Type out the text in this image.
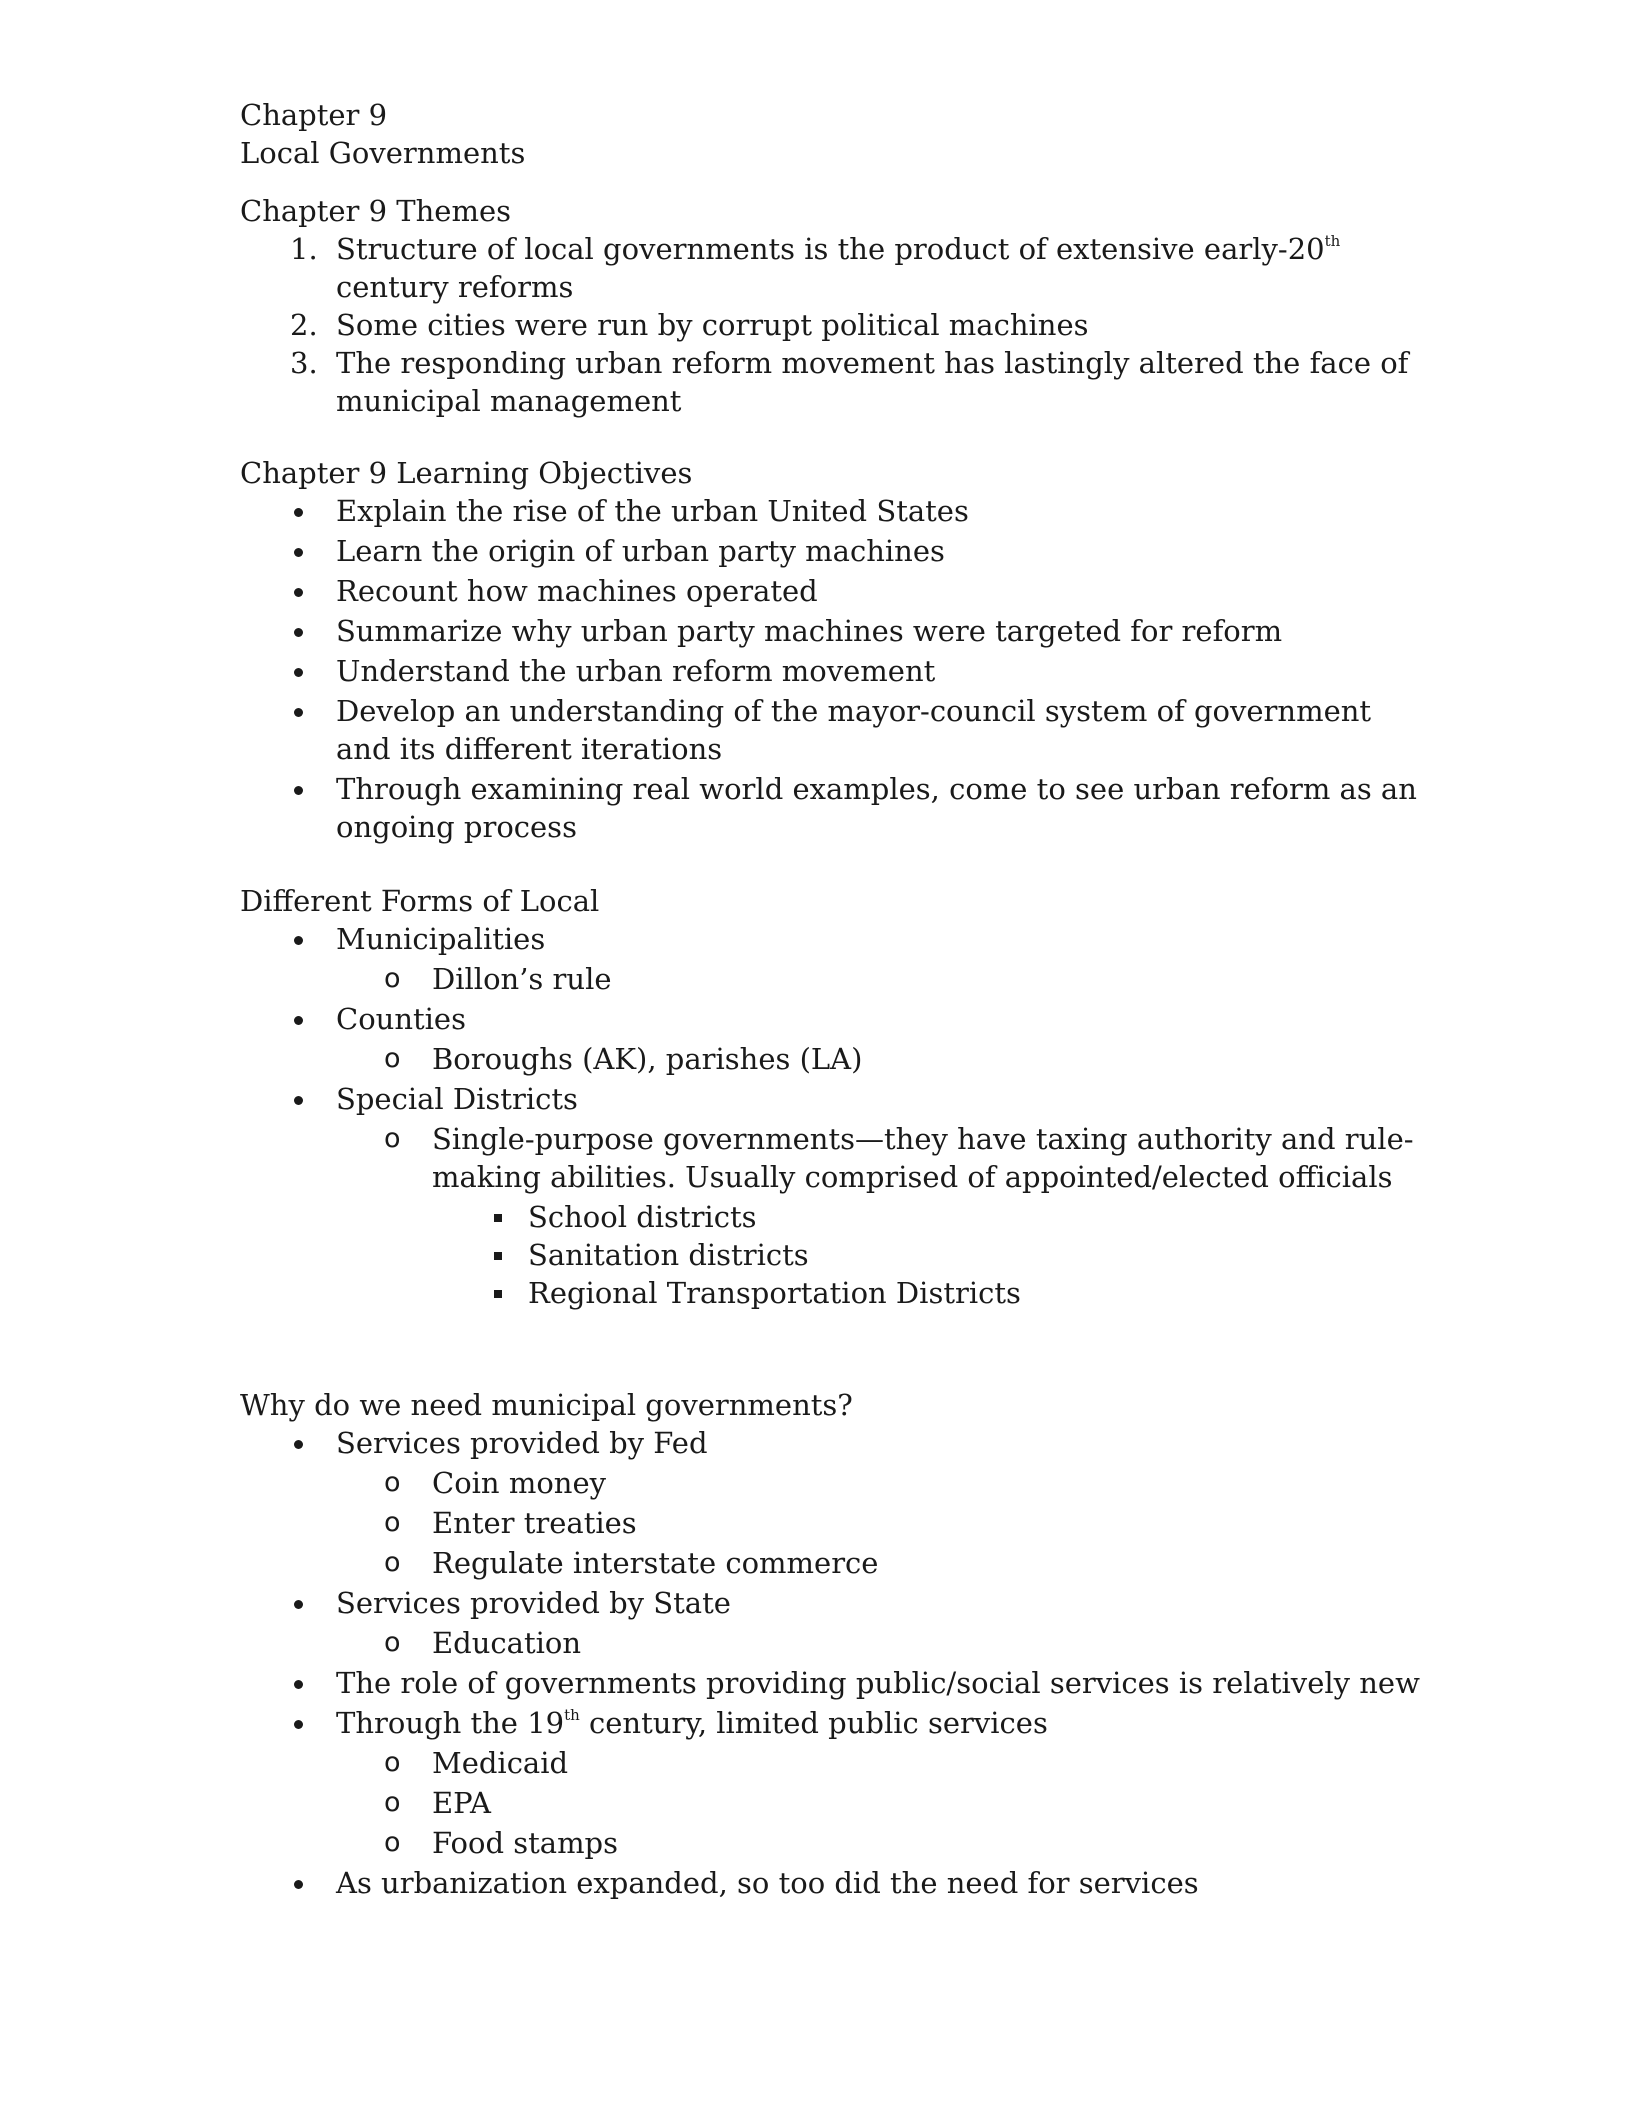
Chapter 9

Local Governments

Chapter 9 Themes

1. Structure of local governments is the product of extensive early-20th century reforms
2. Some cities were run by corrupt political machines
3. The responding urban reform movement has lastingly altered the face of municipal management

Chapter 9 Learning Objectives

Explain the rise of the urban United States
Learn the origin of urban party machines
Recount how machines operated
Summarize why urban party machines were targeted for reform
Understand the urban reform movement
Develop an understanding of the mayor-council system of government and its different iterations
Through examining real world examples, come to see urban reform as an ongoing process

Different Forms of Local

Municipalities
o	Dillon’s rule
Counties
o	Boroughs (AK), parishes (LA)
Special Districts
o	Single-purpose governments—they have taxing authority and rule-making abilities. Usually comprised of appointed/elected officials
School districts
Sanitation districts
Regional Transportation Districts

Why do we need municipal governments?

Services provided by Fed
o	Coin money
o	Enter treaties
o	Regulate interstate commerce
Services provided by State
o	Education
The role of governments providing public/social services is relatively new
Through the 19th century, limited public services
o	Medicaid
o	EPA
o	Food stamps
As urbanization expanded, so too did the need for services
